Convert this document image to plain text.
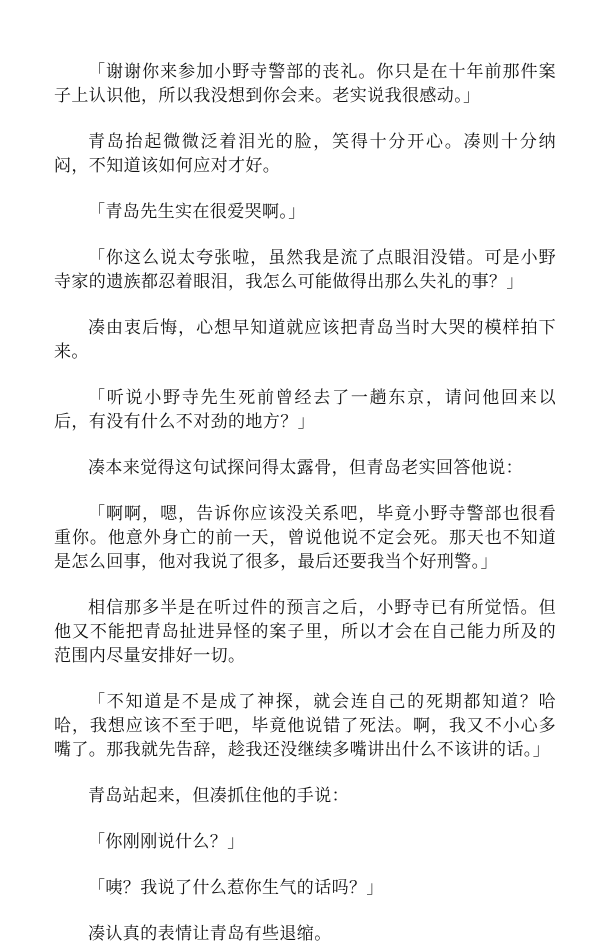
「谢谢你来参加小野寺警部的丧礼。你只是在十年前那件案子上认识他，所以我没想到你会来。老实说我很感动。」

青岛抬起微微泛着泪光的脸，笑得十分开心。凑则十分纳闷，不知道该如何应对才好。

「青岛先生实在很爱哭啊。」

「你这么说太夸张啦，虽然我是流了点眼泪没错。可是小野寺家的遗族都忍着眼泪，我怎么可能做得出那么失礼的事？」

凑由衷后悔，心想早知道就应该把青岛当时大哭的模样拍下来。

「听说小野寺先生死前曾经去了一趟东京，请问他回来以后，有没有什么不对劲的地方？」

凑本来觉得这句试探问得太露骨，但青岛老实回答他说：

「啊啊，嗯，告诉你应该没关系吧，毕竟小野寺警部也很看重你。他意外身亡的前一天，曾说他说不定会死。那天也不知道是怎么回事，他对我说了很多，最后还要我当个好刑警。」

相信那多半是在听过件的预言之后，小野寺已有所觉悟。但他又不能把青岛扯进异怪的案子里，所以才会在自己能力所及的范围内尽量安排好一切。

「不知道是不是成了神探，就会连自己的死期都知道？哈哈，我想应该不至于吧，毕竟他说错了死法。啊，我又不小心多嘴了。那我就先告辞，趁我还没继续多嘴讲出什么不该讲的话。」

青岛站起来，但凑抓住他的手说：

「你刚刚说什么？」

「咦？我说了什么惹你生气的话吗？」

凑认真的表情让青岛有些退缩。
